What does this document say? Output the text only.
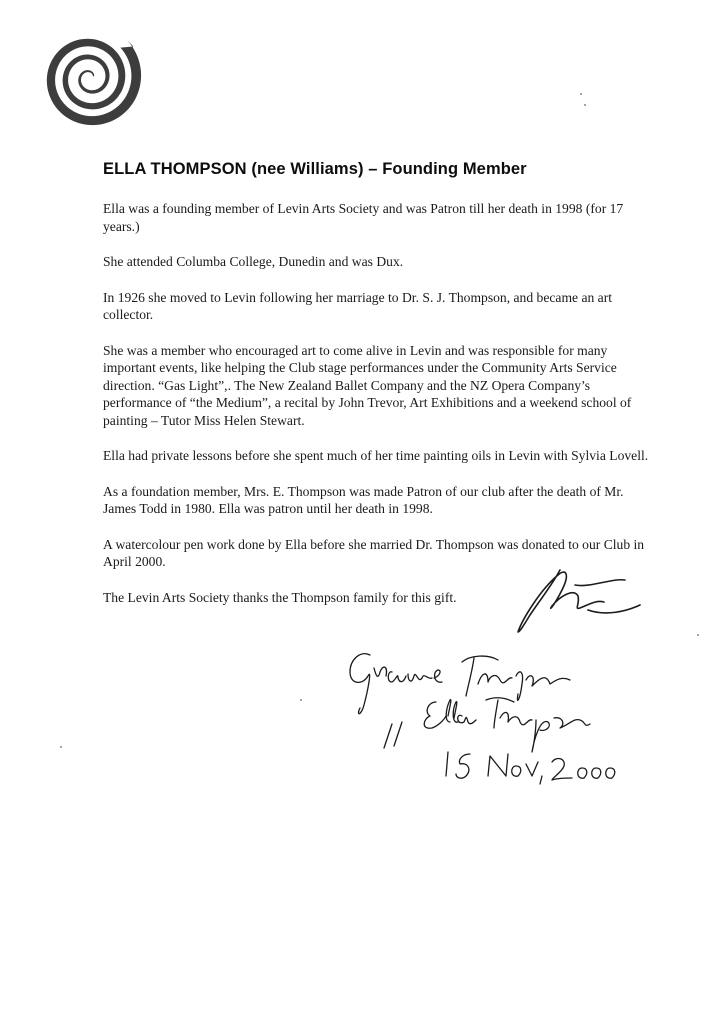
ELLA THOMPSON (nee Williams) – Founding Member

Ella was a founding member of Levin Arts Society and was Patron till her death in 1998 (for 17 years.)

She attended Columba College, Dunedin and was Dux.

In 1926 she moved to Levin following her marriage to Dr. S. J. Thompson, and became an art collector.

She was a member who encouraged art to come alive in Levin and was responsible for many important events, like helping the Club stage performances under the Community Arts Service direction. “Gas Light”,. The New Zealand Ballet Company and the NZ Opera Company’s performance of “the Medium”, a recital by John Trevor, Art Exhibitions and a weekend school of painting – Tutor Miss Helen Stewart.

Ella had private lessons before she spent much of her time painting oils in Levin with Sylvia Lovell.

As a foundation member, Mrs. E. Thompson was made Patron of our club after the death of Mr. James Todd in 1980. Ella was patron until her death in 1998.

A watercolour pen work done by Ella before she married Dr. Thompson was donated to our Club in April 2000.

The Levin Arts Society thanks the Thompson family for this gift.
